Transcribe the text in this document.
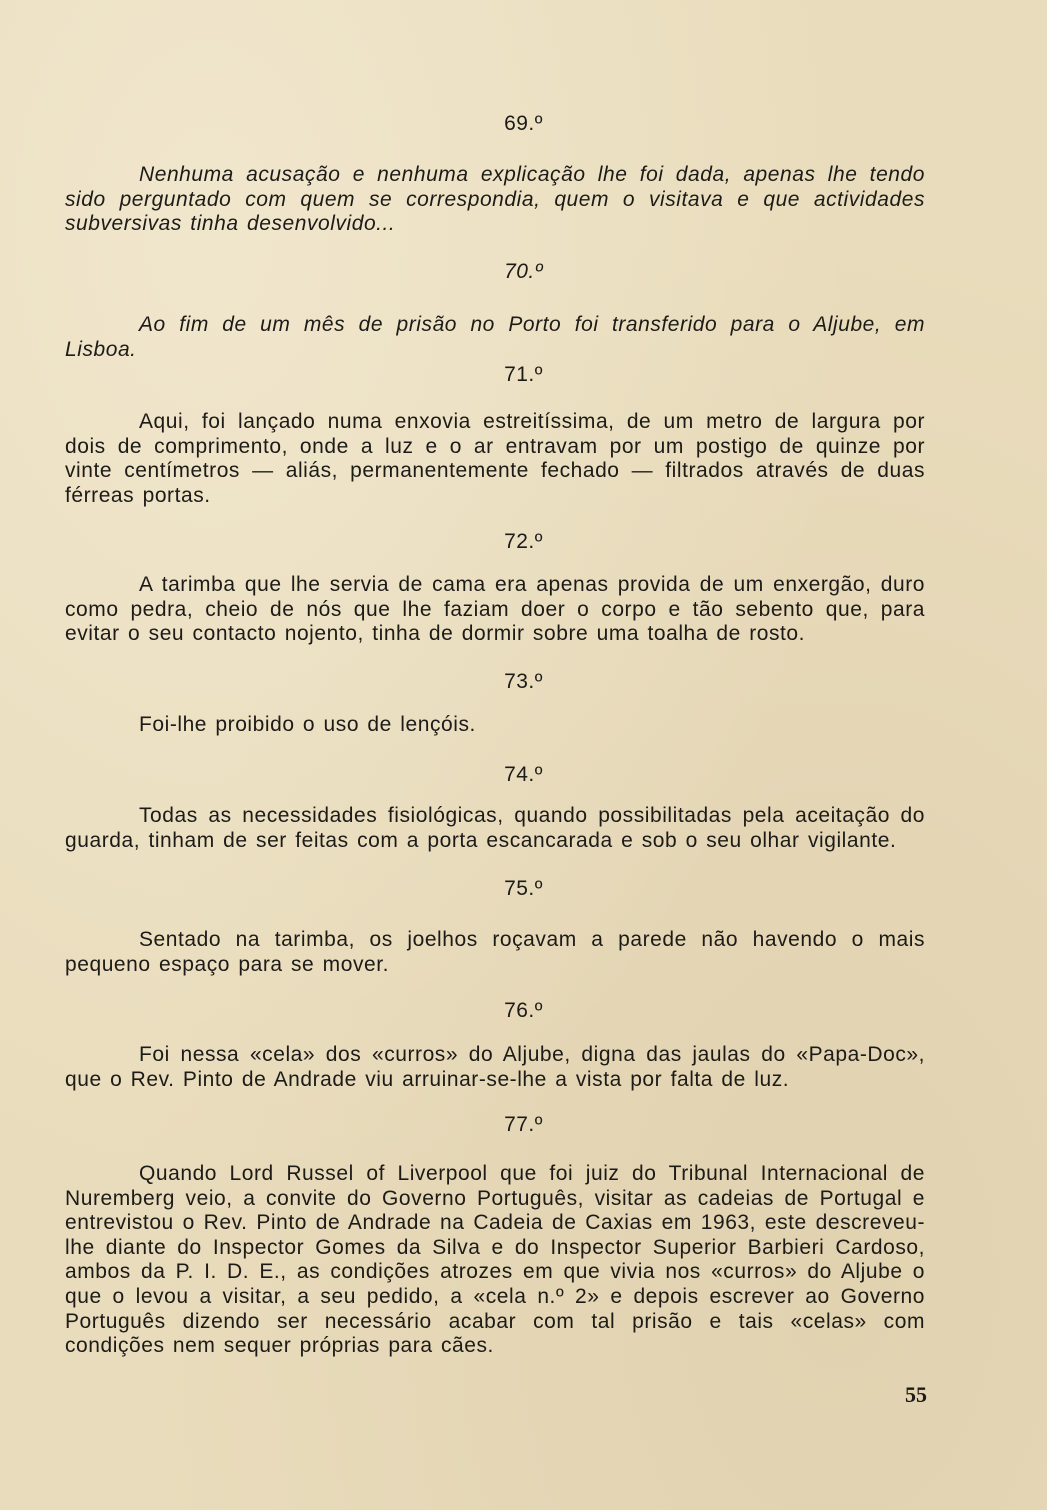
69.º

Nenhuma acusação e nenhuma explicação lhe foi dada, apenas lhe tendo sido perguntado com quem se correspondia, quem o visitava e que actividades subversivas tinha desenvolvido...

70.º

Ao fim de um mês de prisão no Porto foi transferido para o Aljube, em Lisboa.

71.º

Aqui, foi lançado numa enxovia estreitíssima, de um metro de largura por dois de comprimento, onde a luz e o ar entravam por um postigo de quinze por vinte centímetros — aliás, permanentemente fechado — filtrados através de duas férreas portas.

72.º

A tarimba que lhe servia de cama era apenas provida de um enxergão, duro como pedra, cheio de nós que lhe faziam doer o corpo e tão sebento que, para evitar o seu contacto nojento, tinha de dormir sobre uma toalha de rosto.

73.º

Foi-lhe proibido o uso de lençóis.

74.º

Todas as necessidades fisiológicas, quando possibilitadas pela aceitação do guarda, tinham de ser feitas com a porta escancarada e sob o seu olhar vigilante.

75.º

Sentado na tarimba, os joelhos roçavam a parede não havendo o mais pequeno espaço para se mover.

76.º

Foi nessa «cela» dos «curros» do Aljube, digna das jaulas do «Papa-Doc», que o Rev. Pinto de Andrade viu arruinar-se-lhe a vista por falta de luz.

77.º

Quando Lord Russel of Liverpool que foi juiz do Tribunal Internacional de Nuremberg veio, a convite do Governo Português, visitar as cadeias de Portugal e entrevistou o Rev. Pinto de Andrade na Cadeia de Caxias em 1963, este descreveu-lhe diante do Inspector Gomes da Silva e do Inspector Superior Barbieri Cardoso, ambos da P. I. D. E., as condições atrozes em que vivia nos «curros» do Aljube o que o levou a visitar, a seu pedido, a «cela n.º 2» e depois escrever ao Governo Português dizendo ser necessário acabar com tal prisão e tais «celas» com condições nem sequer próprias para cães.

55
